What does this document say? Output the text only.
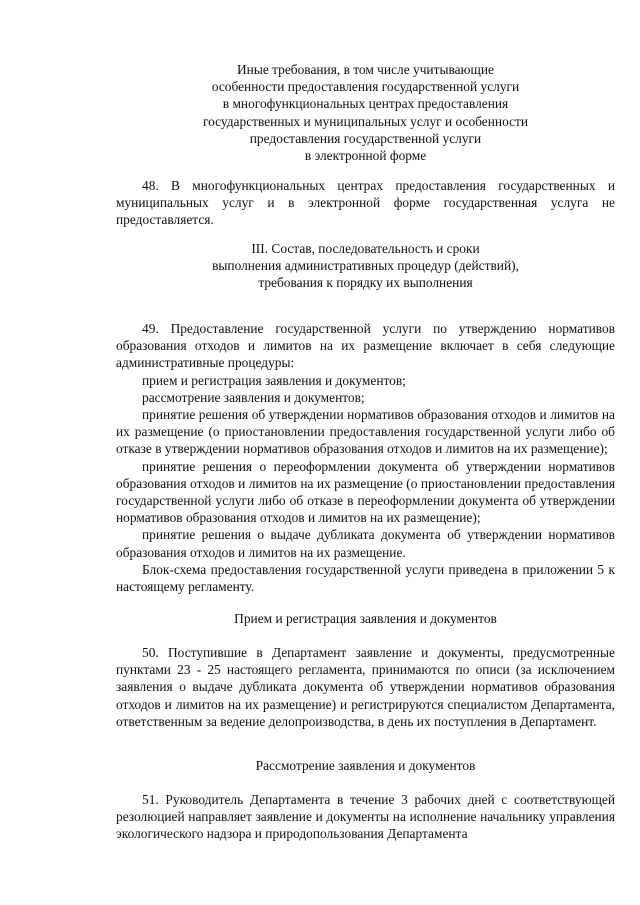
Иные требования, в том числе учитывающие
особенности предоставления государственной услуги
в многофункциональных центрах предоставления
государственных и муниципальных услуг и особенности
предоставления государственной услуги
в электронной форме

48. В многофункциональных центрах предоставления государственных и муниципальных услуг и в электронной форме государственная услуга не предоставляется.

III. Состав, последовательность и сроки
выполнения административных процедур (действий),
требования к порядку их выполнения

49. Предоставление государственной услуги по утверждению нормативов образования отходов и лимитов на их размещение включает в себя следующие административные процедуры:

прием и регистрация заявления и документов;

рассмотрение заявления и документов;

принятие решения об утверждении нормативов образования отходов и лимитов на их размещение (о приостановлении предоставления государственной услуги либо об отказе в утверждении нормативов образования отходов и лимитов на их размещение);

принятие решения о переоформлении документа об утверждении нормативов образования отходов и лимитов на их размещение (о приостановлении предоставления государственной услуги либо об отказе в переоформлении документа об утверждении нормативов образования отходов и лимитов на их размещение);

принятие решения о выдаче дубликата документа об утверждении нормативов образования отходов и лимитов на их размещение.

Блок-схема предоставления государственной услуги приведена в приложении 5 к настоящему регламенту.

Прием и регистрация заявления и документов

50. Поступившие в Департамент заявление и документы, предусмотренные пунктами 23 - 25 настоящего регламента, принимаются по описи (за исключением заявления о выдаче дубликата документа об утверждении нормативов образования отходов и лимитов на их размещение) и регистрируются специалистом Департамента, ответственным за ведение делопроизводства, в день их поступления в Департамент.

Рассмотрение заявления и документов

51. Руководитель Департамента в течение 3 рабочих дней с соответствующей резолюцией направляет заявление и документы на исполнение начальнику управления экологического надзора и природопользования Департамента
